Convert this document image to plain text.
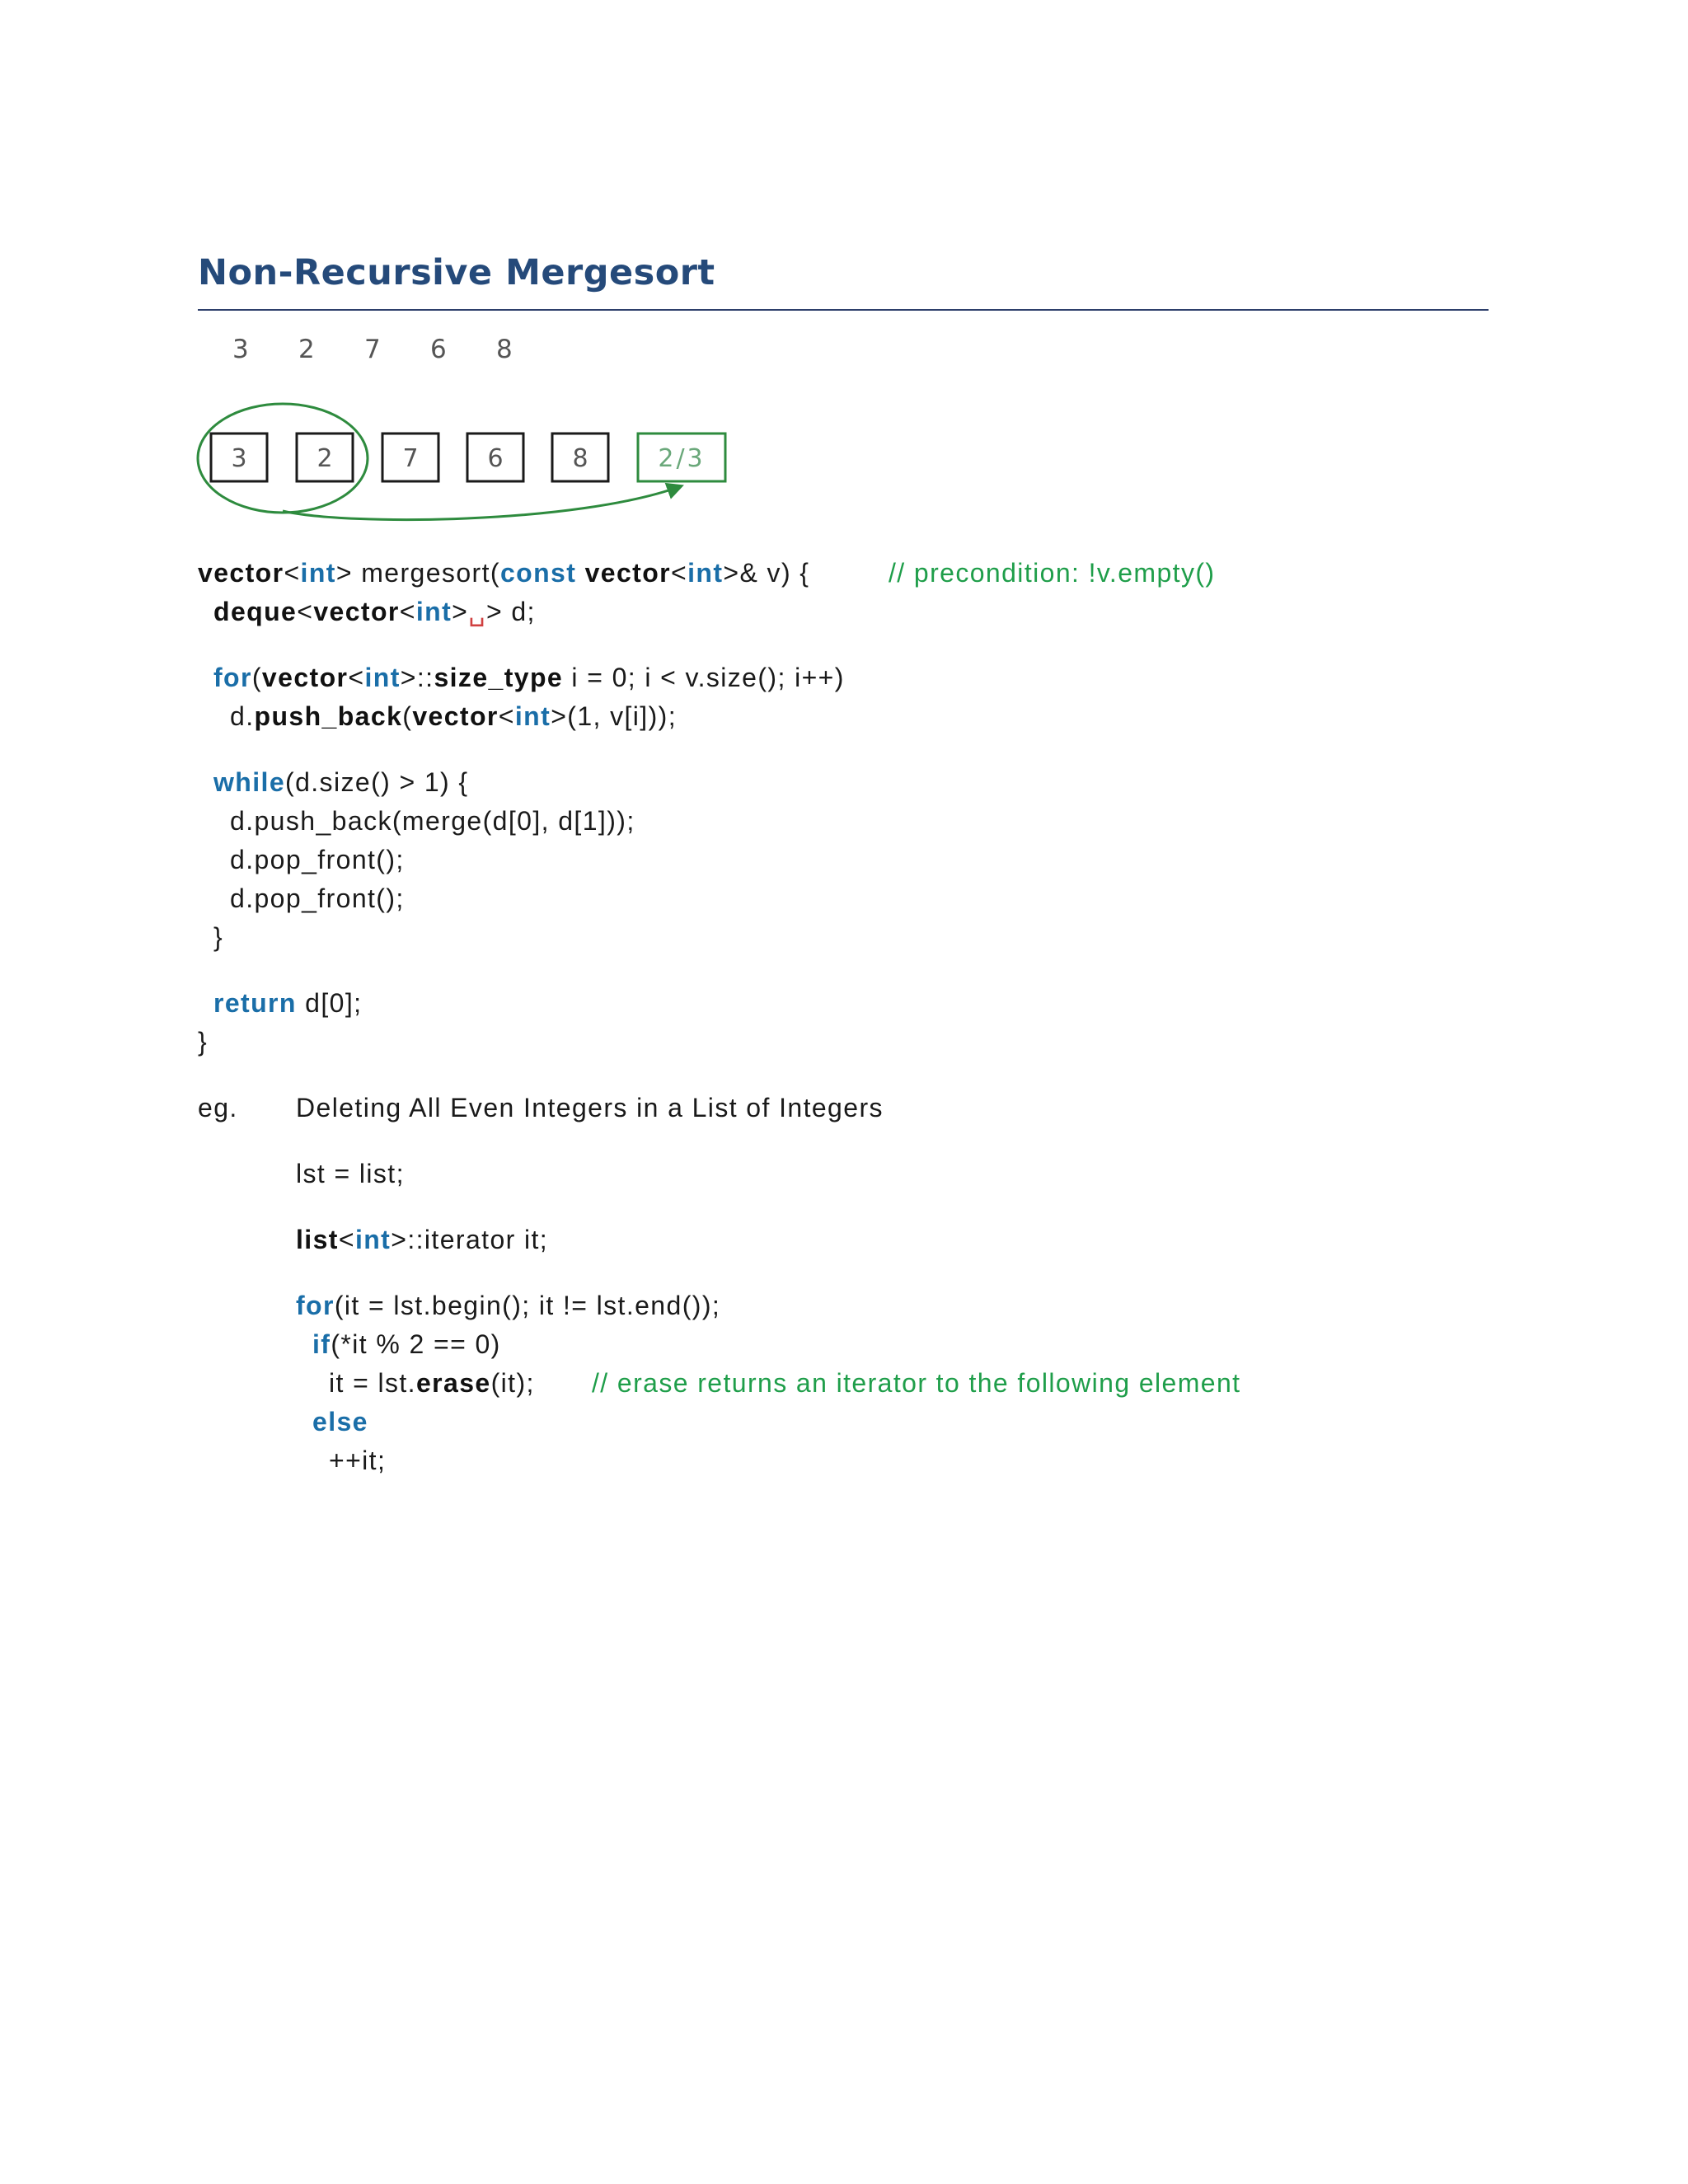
Non-Recursive Mergesort
3 2 7 6 8
3	2	7	6	8	2/3
vector<int> mergesort(const vector<int>& v) {	// precondition: !v.empty()
deque<vector<int>␣> d;
for(vector<int>::size_type i = 0; i < v.size(); i++)
d.push_back(vector<int>(1, v[i]));
while(d.size() > 1) {
d.push_back(merge(d[0], d[1]));
d.pop_front();
d.pop_front();
}
return d[0];
}
eg. Deleting All Even Integers in a List of Integers
lst = list;
list<int>::iterator it;
for(it = lst.begin(); it != lst.end());
if(*it % 2 == 0)
it = lst.erase(it); // erase returns an iterator to the following element
else
++it;
